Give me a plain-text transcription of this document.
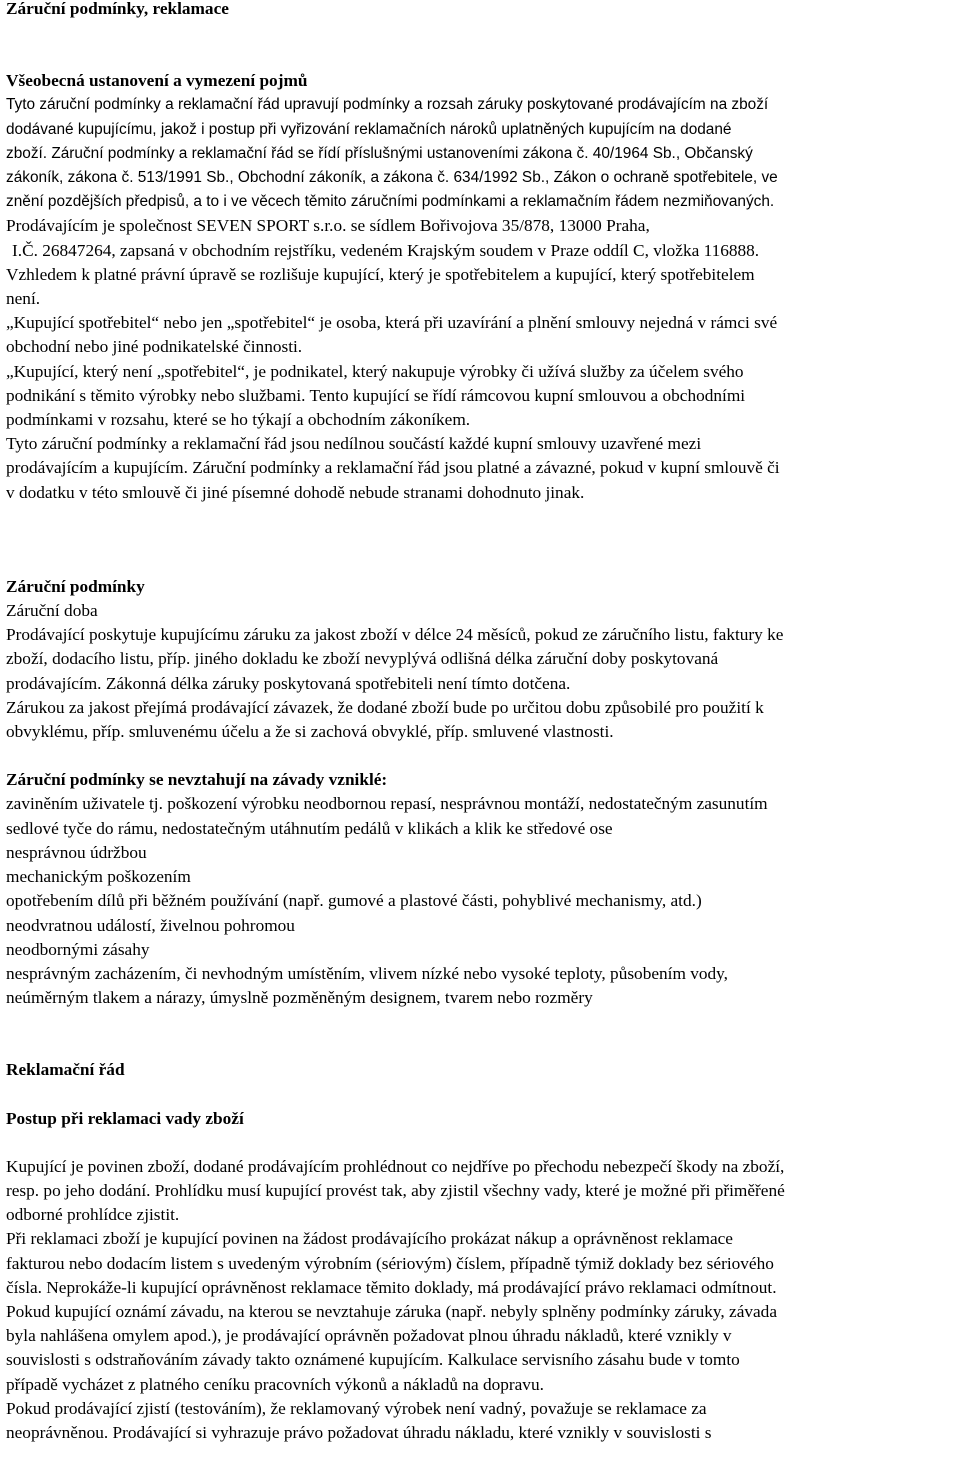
Záruční podmínky, reklamace
Všeobecná ustanovení a vymezení pojmů
Tyto záruční podmínky a reklamační řád upravují podmínky a rozsah záruky poskytované prodávajícím na zboží
dodávané kupujícímu, jakož i postup při vyřizování reklamačních nároků uplatněných kupujícím na dodané
zboží. Záruční podmínky a reklamační řád se řídí příslušnými ustanoveními zákona č. 40/1964 Sb., Občanský
zákoník, zákona č. 513/1991 Sb., Obchodní zákoník, a zákona č. 634/1992 Sb., Zákon o ochraně spotřebitele, ve
znění pozdějších předpisů, a to i ve věcech těmito záručními podmínkami a reklamačním řádem nezmiňovaných.
Prodávajícím je společnost SEVEN SPORT s.r.o. se sídlem Bořivojova 35/878, 13000 Praha,
I.Č. 26847264, zapsaná v obchodním rejstříku, vedeném Krajským soudem v Praze oddíl C, vložka 116888.
Vzhledem k platné právní úpravě se rozlišuje kupující, který je spotřebitelem a kupující, který spotřebitelem
není.
„Kupující spotřebitel“ nebo jen „spotřebitel“ je osoba, která při uzavírání a plnění smlouvy nejedná v rámci své
obchodní nebo jiné podnikatelské činnosti.
„Kupující, který není „spotřebitel“, je podnikatel, který nakupuje výrobky či užívá služby za účelem svého
podnikání s těmito výrobky nebo službami. Tento kupující se řídí rámcovou kupní smlouvou a obchodními
podmínkami v rozsahu, které se ho týkají a obchodním zákoníkem.
Tyto záruční podmínky a reklamační řád jsou nedílnou součástí každé kupní smlouvy uzavřené mezi
prodávajícím a kupujícím. Záruční podmínky a reklamační řád jsou platné a závazné, pokud v kupní smlouvě či
v dodatku v této smlouvě či jiné písemné dohodě nebude stranami dohodnuto jinak.
Záruční podmínky
Záruční doba
Prodávající poskytuje kupujícímu záruku za jakost zboží v délce 24 měsíců, pokud ze záručního listu, faktury ke
zboží, dodacího listu, příp. jiného dokladu ke zboží nevyplývá odlišná délka záruční doby poskytovaná
prodávajícím. Zákonná délka záruky poskytovaná spotřebiteli není tímto dotčena.
Zárukou za jakost přejímá prodávající závazek, že dodané zboží bude po určitou dobu způsobilé pro použití k
obvyklému, příp. smluvenému účelu a že si zachová obvyklé, příp. smluvené vlastnosti.
Záruční podmínky se nevztahují na závady vzniklé:
zaviněním uživatele tj. poškození výrobku neodbornou repasí, nesprávnou montáží, nedostatečným zasunutím
sedlové tyče do rámu, nedostatečným utáhnutím pedálů v klikách a klik ke středové ose
nesprávnou údržbou
mechanickým poškozením
opotřebením dílů při běžném používání (např. gumové a plastové části, pohyblivé mechanismy, atd.)
neodvratnou událostí, živelnou pohromou
neodbornými zásahy
nesprávným zacházením, či nevhodným umístěním, vlivem nízké nebo vysoké teploty, působením vody,
neúměrným tlakem a nárazy, úmyslně pozměněným designem, tvarem nebo rozměry
Reklamační řád
Postup při reklamaci vady zboží
Kupující je povinen zboží, dodané prodávajícím prohlédnout co nejdříve po přechodu nebezpečí škody na zboží,
resp. po jeho dodání. Prohlídku musí kupující provést tak, aby zjistil všechny vady, které je možné při přiměřené
odborné prohlídce zjistit.
Při reklamaci zboží je kupující povinen na žádost prodávajícího prokázat nákup a oprávněnost reklamace
fakturou nebo dodacím listem s uvedeným výrobním (sériovým) číslem, případně týmiž doklady bez sériového
čísla. Neprokáže-li kupující oprávněnost reklamace těmito doklady, má prodávající právo reklamaci odmítnout.
Pokud kupující oznámí závadu, na kterou se nevztahuje záruka (např. nebyly splněny podmínky záruky, závada
byla nahlášena omylem apod.), je prodávající oprávněn požadovat plnou úhradu nákladů, které vznikly v
souvislosti s odstraňováním závady takto oznámené kupujícím. Kalkulace servisního zásahu bude v tomto
případě vycházet z platného ceníku pracovních výkonů a nákladů na dopravu.
Pokud prodávající zjistí (testováním), že reklamovaný výrobek není vadný, považuje se reklamace za
neoprávněnou. Prodávající si vyhrazuje právo požadovat úhradu nákladu, které vznikly v souvislosti s
